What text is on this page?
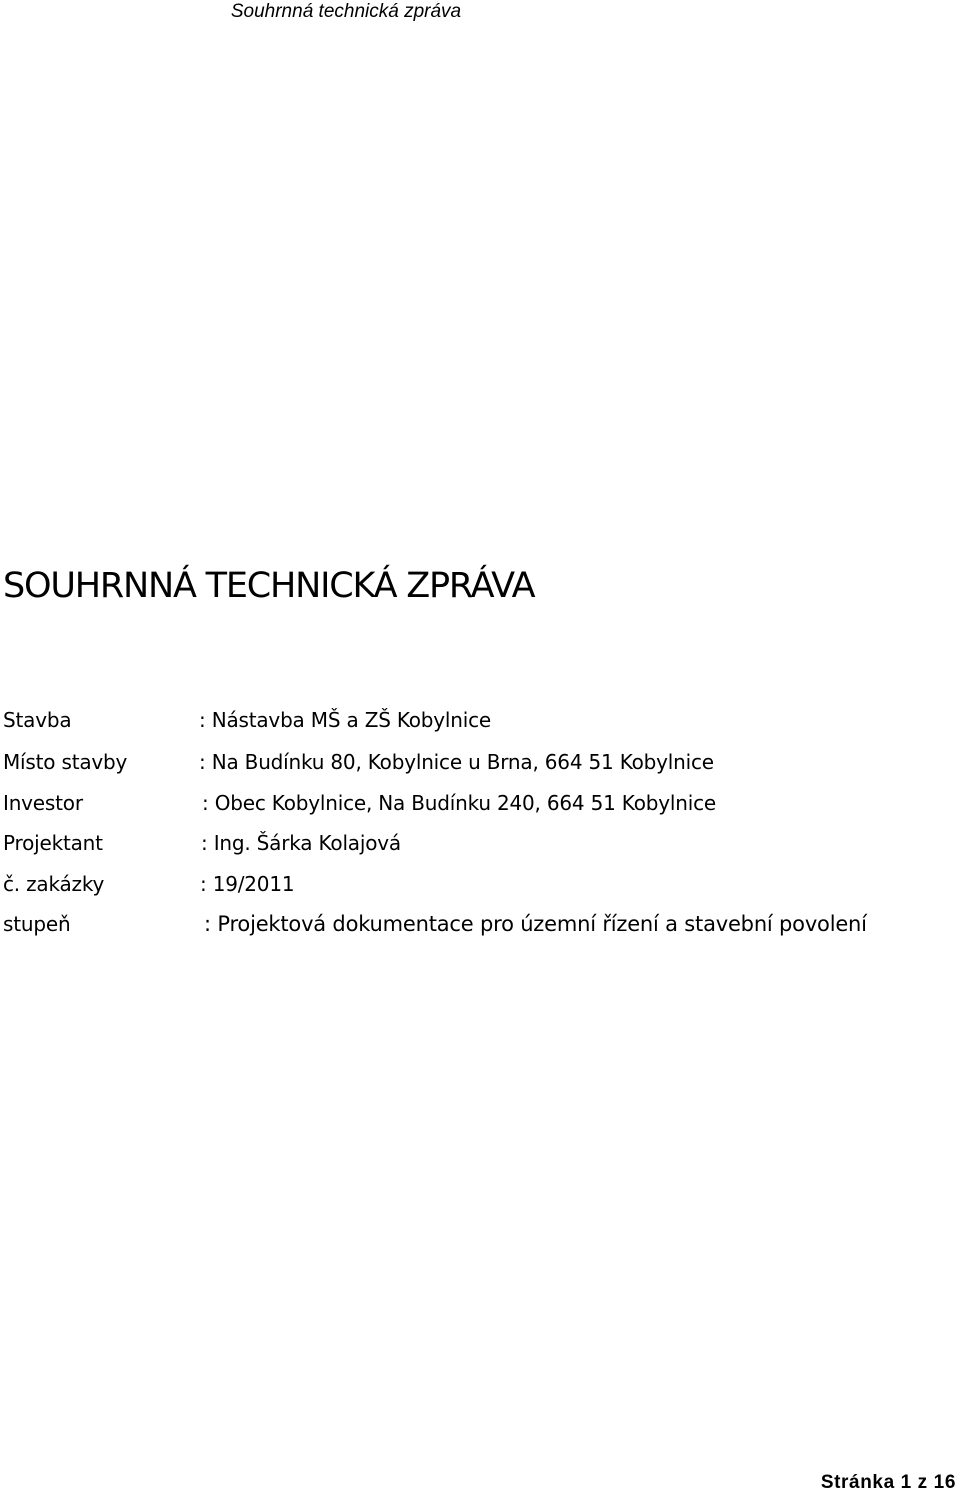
Souhrnná technická zpráva
SOUHRNNÁ TECHNICKÁ ZPRÁVA
Stavba	: Nástavba MŠ a ZŠ Kobylnice
Místo stavby	: Na Budínku 80, Kobylnice u Brna, 664 51 Kobylnice
Investor	: Obec Kobylnice, Na Budínku 240, 664 51 Kobylnice
Projektant	: Ing. Šárka Kolajová
č. zakázky	: 19/2011
stupeň	: Projektová dokumentace pro územní řízení a stavební povolení
Stránka 1 z 16
